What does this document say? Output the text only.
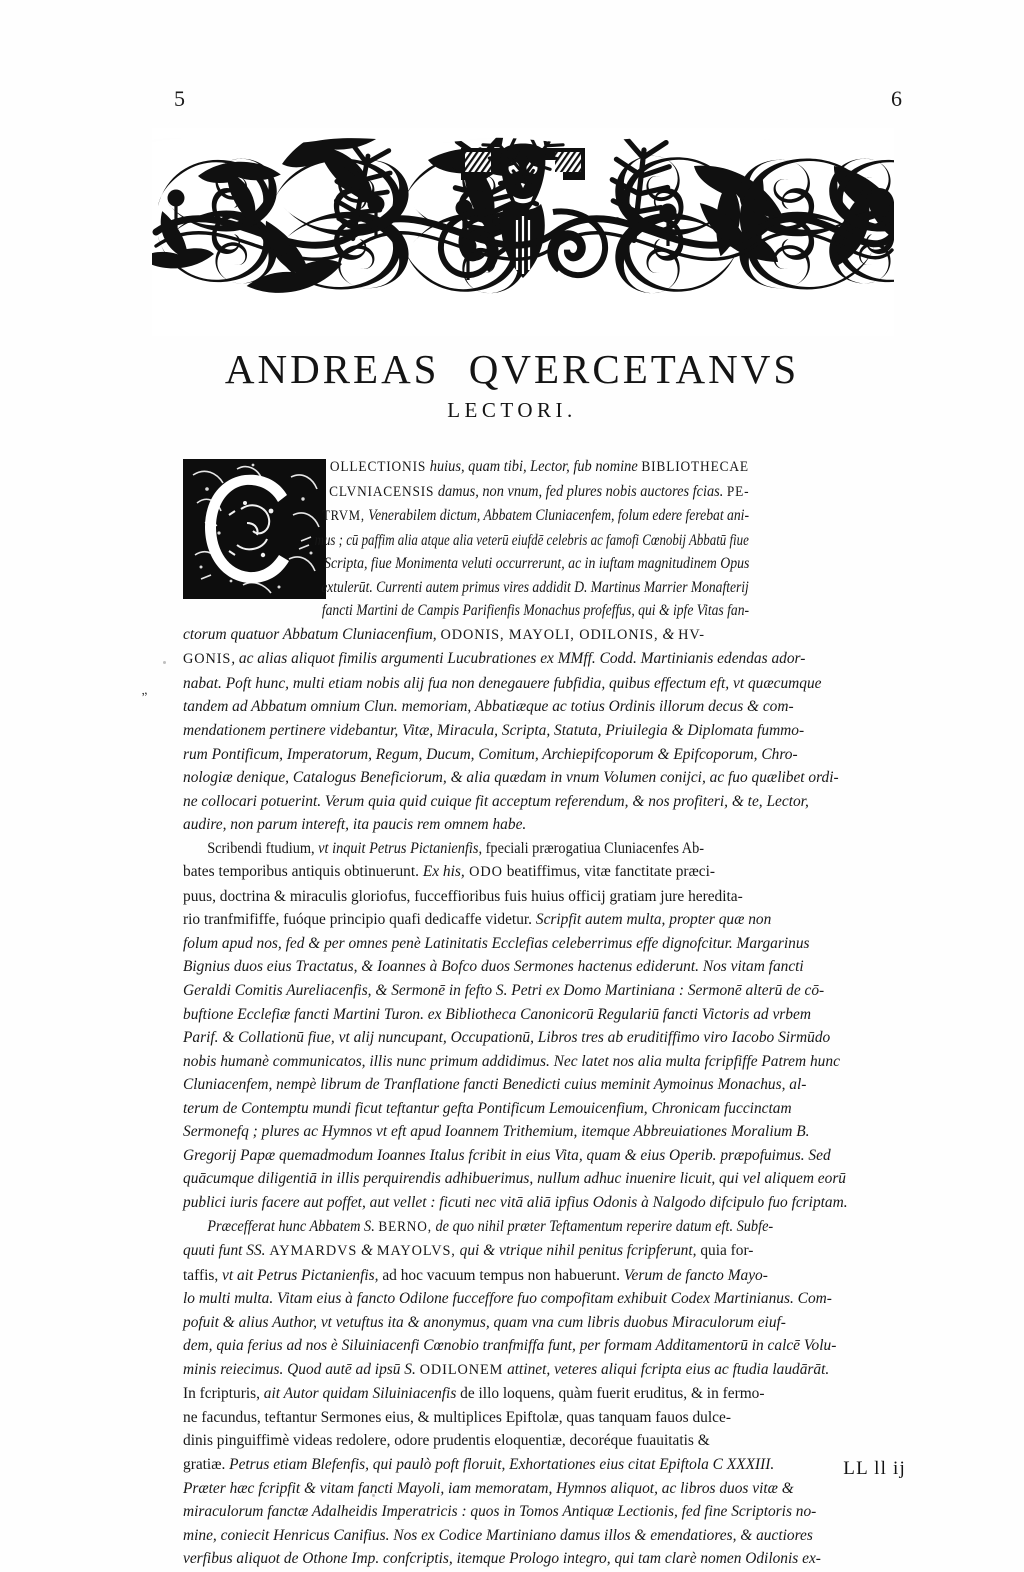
5	6
ANDREAS QVERCETANVS
LECTORI.
„
OLLECTIONIS huius, quam tibi, Lector, fub nomine BIBLIOTHECAE
CLVNIACENSIS damus, non vnum, fed plures nobis auctores fcias. PE-
TRVM, Venerabilem dictum, Abbatem Cluniacenfem, folum edere ferebat ani-
mus ; cū paffim alia atque alia veterū eiufdē celebris ac famofi Cœnobij Abbatū fiue
Scripta, fiue Monimenta veluti occurrerunt, ac in iuftam magnitudinem Opus
extulerūt. Currenti autem primus vires addidit D. Martinus Marrier Monafterij
fancti Martini de Campis Parifienfis Monachus profeffus, qui & ipfe Vitas fan-
ctorum quatuor Abbatum Cluniacenfium, ODONIS, MAYOLI, ODILONIS, & HV-
GONIS, ac alias aliquot fimilis argumenti Lucubrationes ex MMff. Codd. Martinianis edendas ador-
nabat. Poft hunc, multi etiam nobis alij fua non denegauere fubfidia, quibus effectum eft, vt quæcumque
tandem ad Abbatum omnium Clun. memoriam, Abbatiæque ac totius Ordinis illorum decus & com-
mendationem pertinere videbantur, Vitæ, Miracula, Scripta, Statuta, Priuilegia & Diplomata fummo-
rum Pontificum, Imperatorum, Regum, Ducum, Comitum, Archiepifcoporum & Epifcoporum, Chro-
nologiæ denique, Catalogus Beneficiorum, & alia quædam in vnum Volumen conijci, ac fuo quælibet ordi-
ne collocari potuerint. Verum quia quid cuique fit acceptum referendum, & nos profiteri, & te, Lector,
audire, non parum intereft, ita paucis rem omnem habe.
Scribendi ftudium, vt inquit Petrus Pictanienfis, fpeciali prærogatiua Cluniacenfes Ab-
bates temporibus antiquis obtinuerunt. Ex his, ODO beatiffimus, vitæ fanctitate præci-
puus, doctrina & miraculis gloriofus, fucceffioribus fuis huius officij gratiam jure heredita-
rio tranfmififfe, fuóque principio quafi dedicaffe videtur. Scripfit autem multa, propter quæ non
folum apud nos, fed & per omnes penè Latinitatis Ecclefias celeberrimus effe dignofcitur. Margarinus
Bignius duos eius Tractatus, & Ioannes à Bofco duos Sermones hactenus ediderunt. Nos vitam fancti
Geraldi Comitis Aureliacenfis, & Sermonē in fefto S. Petri ex Domo Martiniana : Sermonē alterū de cō-
buftione Ecclefiæ fancti Martini Turon. ex Bibliotheca Canonicorū Regulariū fancti Victoris ad vrbem
Parif. & Collationū fiue, vt alij nuncupant, Occupationū, Libros tres ab eruditiffimo viro Iacobo Sirmūdo
nobis humanè communicatos, illis nunc primum addidimus. Nec latet nos alia multa fcripfiffe Patrem hunc
Cluniacenfem, nempè librum de Tranflatione fancti Benedicti cuius meminit Aymoinus Monachus, al-
terum de Contemptu mundi ficut teftantur gefta Pontificum Lemouicenfium, Chronicam fuccinctam
Sermonefq ; plures ac Hymnos vt eft apud Ioannem Trithemium, itemque Abbreuiationes Moralium B.
Gregorij Papæ quemadmodum Ioannes Italus fcribit in eius Vita, quam & eius Operib. præpofuimus. Sed
quācumque diligentiā in illis perquirendis adhibuerimus, nullum adhuc inuenire licuit, qui vel aliquem eorū
publici iuris facere aut poffet, aut vellet : ficuti nec vitā aliā ipfius Odonis à Nalgodo difcipulo fuo fcriptam.
Præcefferat hunc Abbatem S. BERNO, de quo nihil præter Teftamentum reperire datum eft. Subfe-
quuti funt SS. AYMARDVS & MAYOLVS, qui & vtrique nihil penitus fcripferunt, quia for-
taffis, vt ait Petrus Pictanienfis, ad hoc vacuum tempus non habuerunt. Verum de fancto Mayo-
lo multi multa. Vitam eius à fancto Odilone fucceffore fuo compofitam exhibuit Codex Martinianus. Com-
pofuit & alius Author, vt vetuftus ita & anonymus, quam vna cum libris duobus Miraculorum eiuf-
dem, quia ferius ad nos è Siluiniacenfi Cœnobio tranfmiffa funt, per formam Additamentorū in calcē Volu-
minis reiecimus. Quod autē ad ipsū S. ODILONEM attinet, veteres aliqui fcripta eius ac ftudia laudārāt.
In fcripturis, ait Autor quidam Siluiniacenfis de illo loquens, quàm fuerit eruditus, & in fermo-
ne facundus, teftantur Sermones eius, & multiplices Epiftolæ, quas tanquam fauos dulce-
dinis pinguiffimè videas redolere, odore prudentis eloquentiæ, decoréque fuauitatis &
gratiæ. Petrus etiam Blefenfis, qui paulò poft floruit, Exhortationes eius citat Epiftola C XXXIII.
Præter hæc fcripfit & vitam fancti Mayoli, iam memoratam, Hymnos aliquot, ac libros duos vitæ &
miraculorum fanctæ Adalheidis Imperatricis : quos in Tomos Antiquæ Lectionis, fed fine Scriptoris no-
mine, coniecit Henricus Canifius. Nos ex Codice Martiniano damus illos & emendatiores, & auctiores
verfibus aliquot de Othone Imp. confcriptis, itemque Prologo integro, qui tam clarè nomen Odilonis ex-
LL ll ij
